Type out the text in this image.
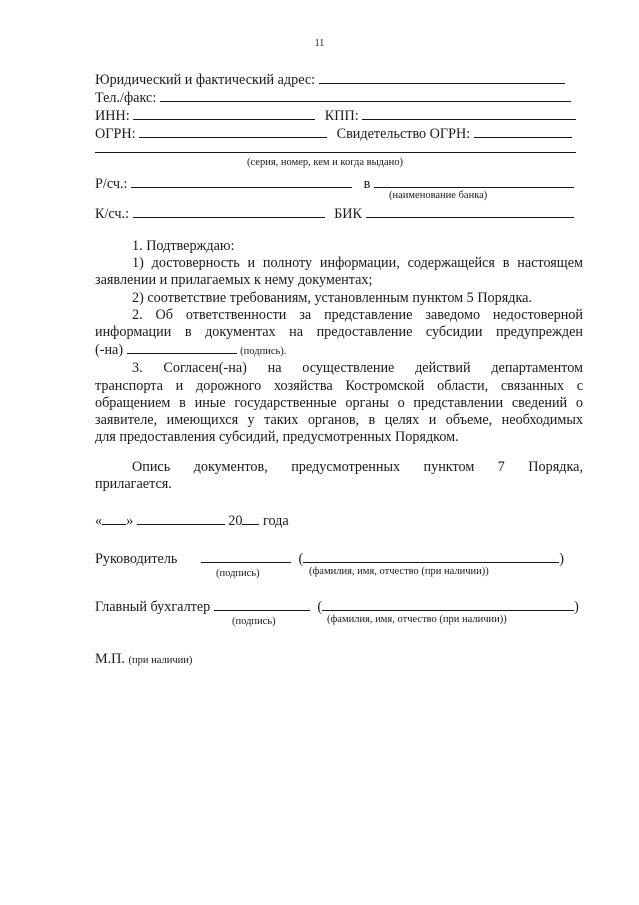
11
Юридический и фактический адрес:
Тел./факс:
ИНН:	КПП:
ОГРН:	Свидетельство ОГРН:
(серия, номер, кем и когда выдано)
Р/сч.:	в
(наименование банка)
К/сч.:	БИК
1. Подтверждаю:
1) достоверность и полноту информации, содержащейся в настоящем
заявлении и прилагаемых к нему документах;
2) соответствие требованиям, установленным пунктом 5 Порядка.
2. Об ответственности за представление заведомо недостоверной
информации в документах на предоставление субсидии предупрежден
(-на)	(подпись).
3. Согласен(-на) на осуществление действий департаментом
транспорта и дорожного хозяйства Костромской области, связанных с
обращением в иные государственные органы о представлении сведений о
заявителе, имеющихся у таких органов, в целях и объеме, необходимых
для предоставления субсидий, предусмотренных Порядком.
Опись документов, предусмотренных пунктом 7 Порядка,
прилагается.
« »	20 года
Руководитель	(	)
(подпись)	(фамилия, имя, отчество (при наличии))
Главный бухгалтер	(	)
(подпись)	(фамилия, имя, отчество (при наличии))
М.П. (при наличии)
